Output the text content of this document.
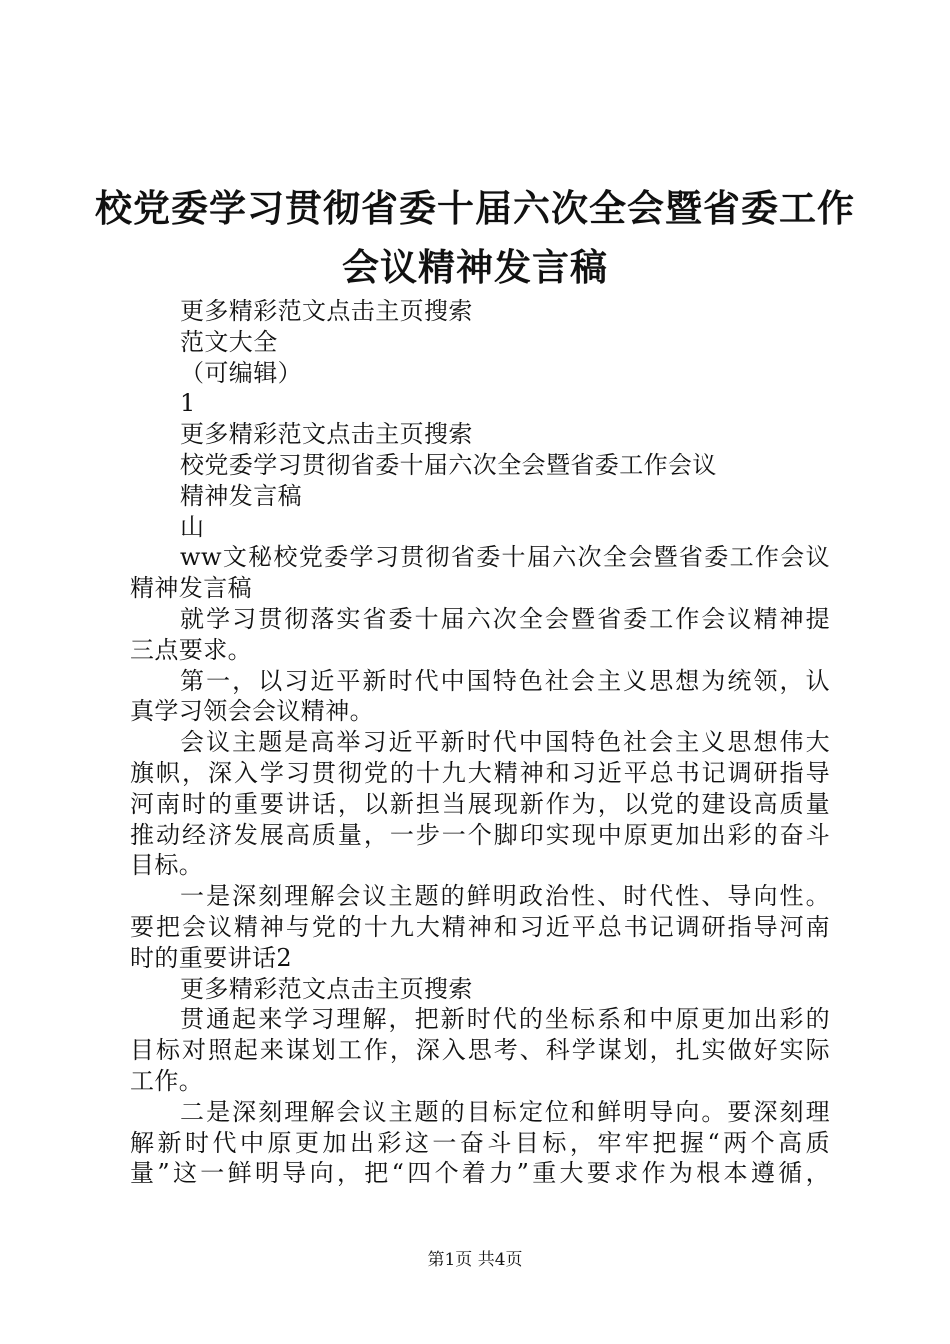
校党委学习贯彻省委十届六次全会暨省委工作
会议精神发言稿
更多精彩范文点击主页搜索
范文大全
（可编辑）
1
更多精彩范文点击主页搜索
校党委学习贯彻省委十届六次全会暨省委工作会议
精神发言稿
山
ww文秘校党委学习贯彻省委十届六次全会暨省委工作会议
精神发言稿
就学习贯彻落实省委十届六次全会暨省委工作会议精神提
三点要求。
第一，以习近平新时代中国特色社会主义思想为统领，认
真学习领会会议精神。
会议主题是高举习近平新时代中国特色社会主义思想伟大
旗帜，深入学习贯彻党的十九大精神和习近平总书记调研指导
河南时的重要讲话，以新担当展现新作为，以党的建设高质量
推动经济发展高质量，一步一个脚印实现中原更加出彩的奋斗
目标。
一是深刻理解会议主题的鲜明政治性、时代性、导向性。
要把会议精神与党的十九大精神和习近平总书记调研指导河南
时的重要讲话2
更多精彩范文点击主页搜索
贯通起来学习理解，把新时代的坐标系和中原更加出彩的
目标对照起来谋划工作，深入思考、科学谋划，扎实做好实际
工作。
二是深刻理解会议主题的目标定位和鲜明导向。要深刻理
解新时代中原更加出彩这一奋斗目标，牢牢把握“两个高质
量”这一鲜明导向，把“四个着力”重大要求作为根本遵循，
第1页 共4页
